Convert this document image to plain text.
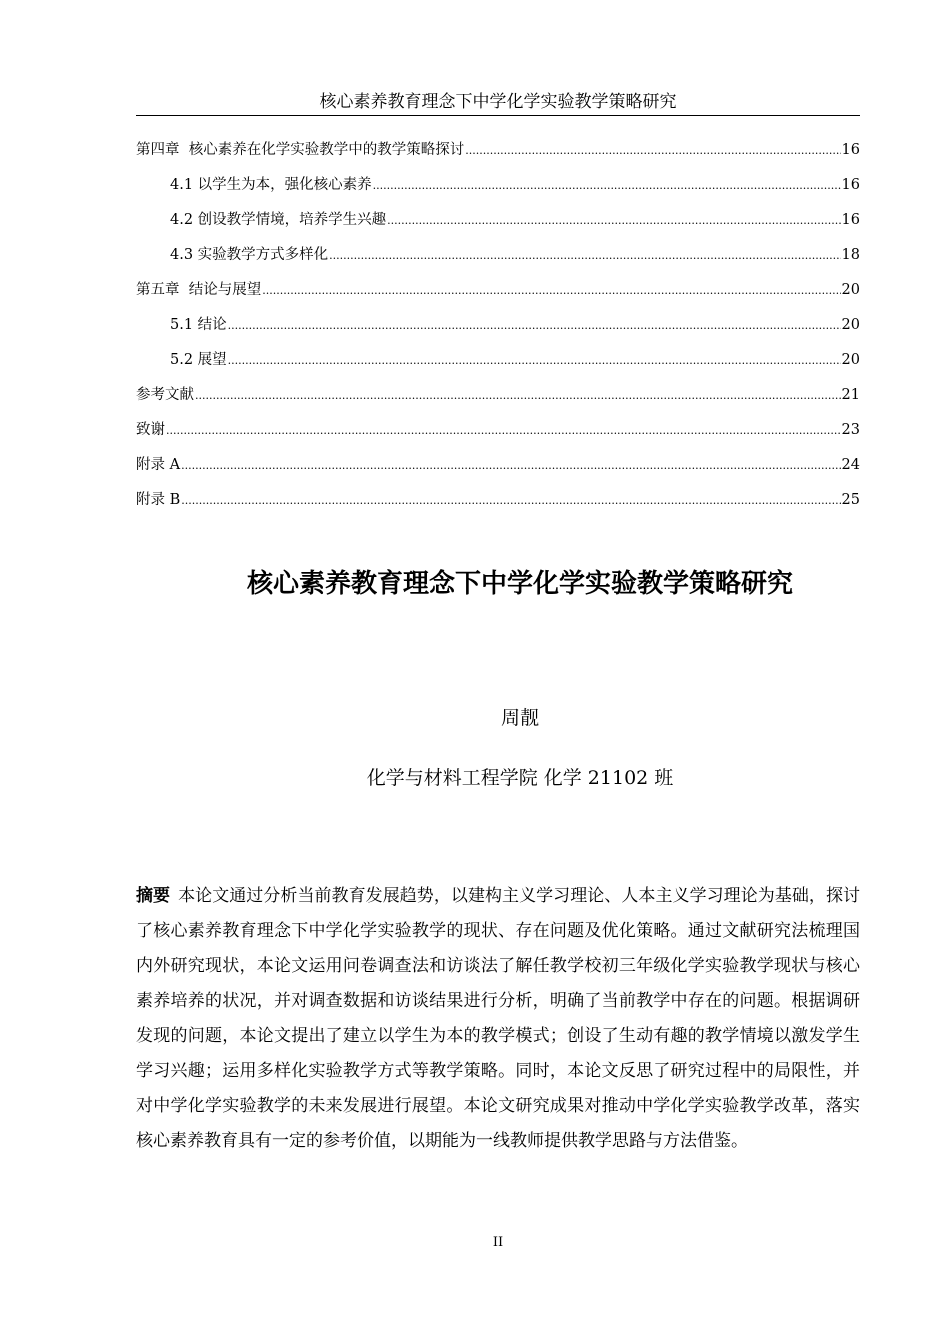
核心素养教育理念下中学化学实验教学策略研究
第四章  核心素养在化学实验教学中的教学策略探讨 .....	16
4.1 以学生为本，强化核心素养 .....	16
4.2 创设教学情境，培养学生兴趣 .....	16
4.3 实验教学方式多样化 .....	18
第五章  结论与展望 .....	20
5.1 结论 .....	20
5.2 展望 .....	20
参考文献 .....	21
致谢 .....	23
附录 A .....	24
附录 B .....	25
核心素养教育理念下中学化学实验教学策略研究
周靓
化学与材料工程学院 化学 21102 班

摘要 本论文通过分析当前教育发展趋势，以建构主义学习理论、人本主义学习理论为基础，探讨了核心素养教育理念下中学化学实验教学的现状、存在问题及优化策略。通过文献研究法梳理国内外研究现状，本论文运用问卷调查法和访谈法了解任教学校初三年级化学实验教学现状与核心素养培养的状况，并对调查数据和访谈结果进行分析，明确了当前教学中存在的问题。根据调研发现的问题，本论文提出了建立以学生为本的教学模式；创设了生动有趣的教学情境以激发学生学习兴趣；运用多样化实验教学方式等教学策略。同时，本论文反思了研究过程中的局限性，并对中学化学实验教学的未来发展进行展望。本论文研究成果对推动中学化学实验教学改革，落实核心素养教育具有一定的参考价值，以期能为一线教师提供教学思路与方法借鉴。

II
